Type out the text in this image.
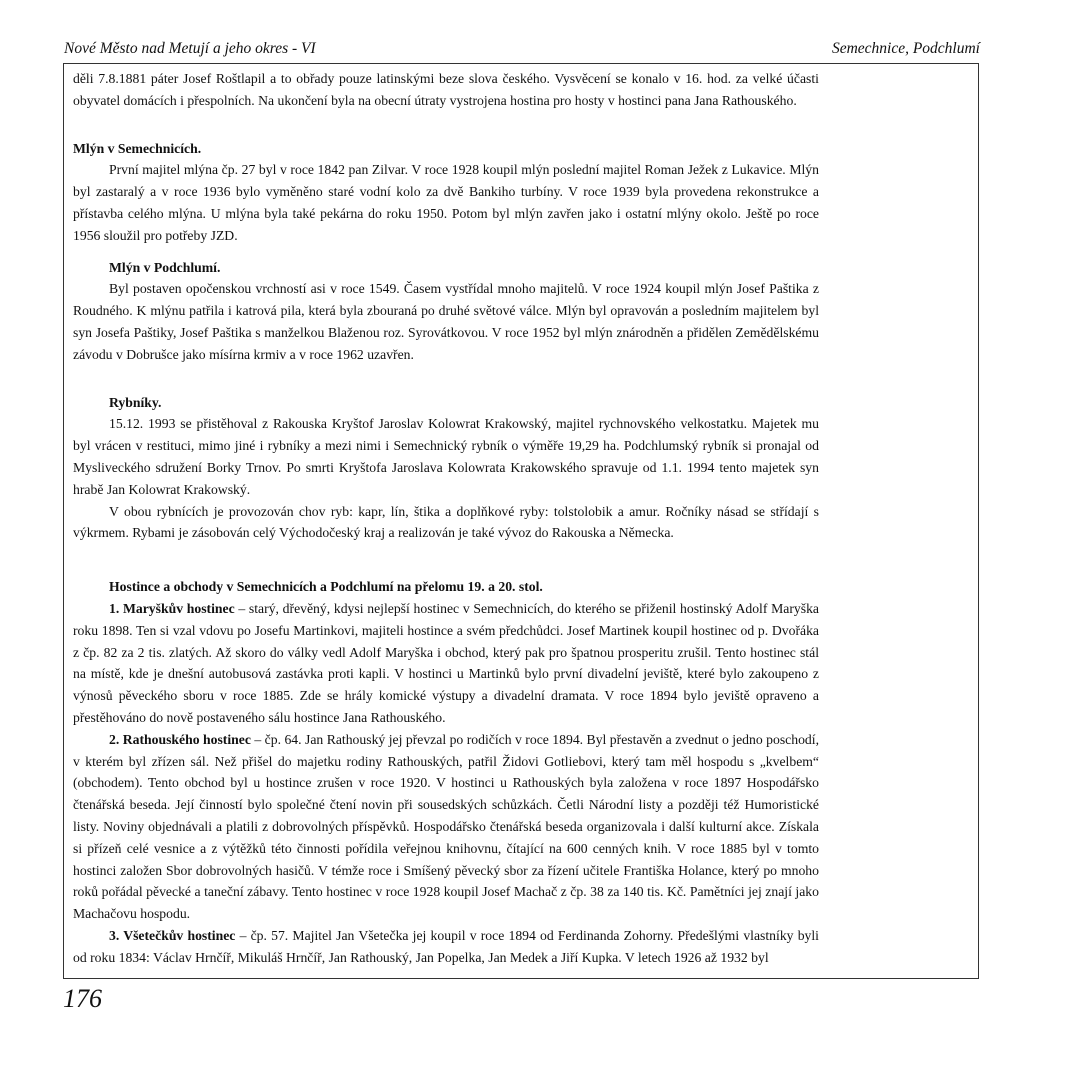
Nové Město nad Metují a jeho okres - VI	Semechnice, Podchlumí

děli 7.8.1881 páter Josef Roštlapil a to obřady pouze latinskými beze slova českého. Vysvěcení se konalo v 16. hod. za velké účasti obyvatel domácích i přespolních. Na ukončení byla na obecní útraty vystrojena hostina pro hosty v hostinci pana Jana Rathouského.

Mlýn v Semechnicích.

První majitel mlýna čp. 27 byl v roce 1842 pan Zilvar. V roce 1928 koupil mlýn poslední majitel Roman Ježek z Lukavice. Mlýn byl zastaralý a v roce 1936 bylo vyměněno staré vodní kolo za dvě Bankiho turbíny. V roce 1939 byla provedena rekonstrukce a přístavba celého mlýna. U mlýna byla také pekárna do roku 1950. Potom byl mlýn zavřen jako i ostatní mlýny okolo. Ještě po roce 1956 sloužil pro potřeby JZD.

Mlýn v Podchlumí.

Byl postaven opočenskou vrchností asi v roce 1549. Časem vystřídal mnoho majitelů. V roce 1924 koupil mlýn Josef Paštika z Roudného. K mlýnu patřila i katrová pila, která byla zbouraná po druhé světové válce. Mlýn byl opravován a posledním majitelem byl syn Josefa Paštiky, Josef Paštika s manželkou Blaženou roz. Syrovátkovou. V roce 1952 byl mlýn znárodněn a přidělen Zemědělskému závodu v Dobrušce jako mísírna krmiv a v roce 1962 uzavřen.

Rybníky.

15.12. 1993 se přistěhoval z Rakouska Kryštof Jaroslav Kolowrat Krakowský, majitel rychnovského velkostatku. Majetek mu byl vrácen v restituci, mimo jiné i rybníky a mezi nimi i Semechnický rybník o výměře 19,29 ha. Podchlumský rybník si pronajal od Mysliveckého sdružení Borky Trnov. Po smrti Kryštofa Jaroslava Kolowrata Krakowského spravuje od 1.1. 1994 tento majetek syn hrabě Jan Kolowrat Krakowský.

V obou rybnících je provozován chov ryb: kapr, lín, štika a doplňkové ryby: tolstolobik a amur. Ročníky násad se střídají s výkrmem. Rybami je zásobován celý Východočeský kraj a realizován je také vývoz do Rakouska a Německa.

Hostince a obchody v Semechnicích a Podchlumí na přelomu 19. a 20. stol.

1. Maryškův hostinec – starý, dřevěný, kdysi nejlepší hostinec v Semechnicích, do kterého se přiženil hostinský Adolf Maryška roku 1898. Ten si vzal vdovu po Josefu Martinkovi, majiteli hostince a svém předchůdci. Josef Martinek koupil hostinec od p. Dvořáka z čp. 82 za 2 tis. zlatých. Až skoro do války vedl Adolf Maryška i obchod, který pak pro špatnou prosperitu zrušil. Tento hostinec stál na místě, kde je dnešní autobusová zastávka proti kapli. V hostinci u Martinků bylo první divadelní jeviště, které bylo zakoupeno z výnosů pěveckého sboru v roce 1885. Zde se hrály komické výstupy a divadelní dramata. V roce 1894 bylo jeviště opraveno a přestěhováno do nově postaveného sálu hostince Jana Rathouského.

2. Rathouského hostinec – čp. 64. Jan Rathouský jej převzal po rodičích v roce 1894. Byl přestavěn a zvednut o jedno poschodí, v kterém byl zřízen sál. Než přišel do majetku rodiny Rathouských, patřil Židovi Gotliebovi, který tam měl hospodu s „kvelbem“ (obchodem). Tento obchod byl u hostince zrušen v roce 1920. V hostinci u Rathouských byla založena v roce 1897 Hospodářsko čtenářská beseda. Její činností bylo společné čtení novin při sousedských schůzkách. Četli Národní listy a později též Humoristické listy. Noviny objednávali a platili z dobrovolných příspěvků. Hospodářsko čtenářská beseda organizovala i další kulturní akce. Získala si přízeň celé vesnice a z výtěžků této činnosti pořídila veřejnou knihovnu, čítající na 600 cenných knih. V roce 1885 byl v tomto hostinci založen Sbor dobrovolných hasičů. V témže roce i Smíšený pěvecký sbor za řízení učitele Františka Holance, který po mnoho roků pořádal pěvecké a taneční zábavy. Tento hostinec v roce 1928 koupil Josef Machač z čp. 38 za 140 tis. Kč. Pamětníci jej znají jako Machačovu hospodu.

3. Všetečkův hostinec – čp. 57. Majitel Jan Všetečka jej koupil v roce 1894 od Ferdinanda Zohorny. Předešlými vlastníky byli od roku 1834: Václav Hrnčíř, Mikuláš Hrnčíř, Jan Rathouský, Jan Popelka, Jan Medek a Jiří Kupka. V letech 1926 až 1932 byl

176
